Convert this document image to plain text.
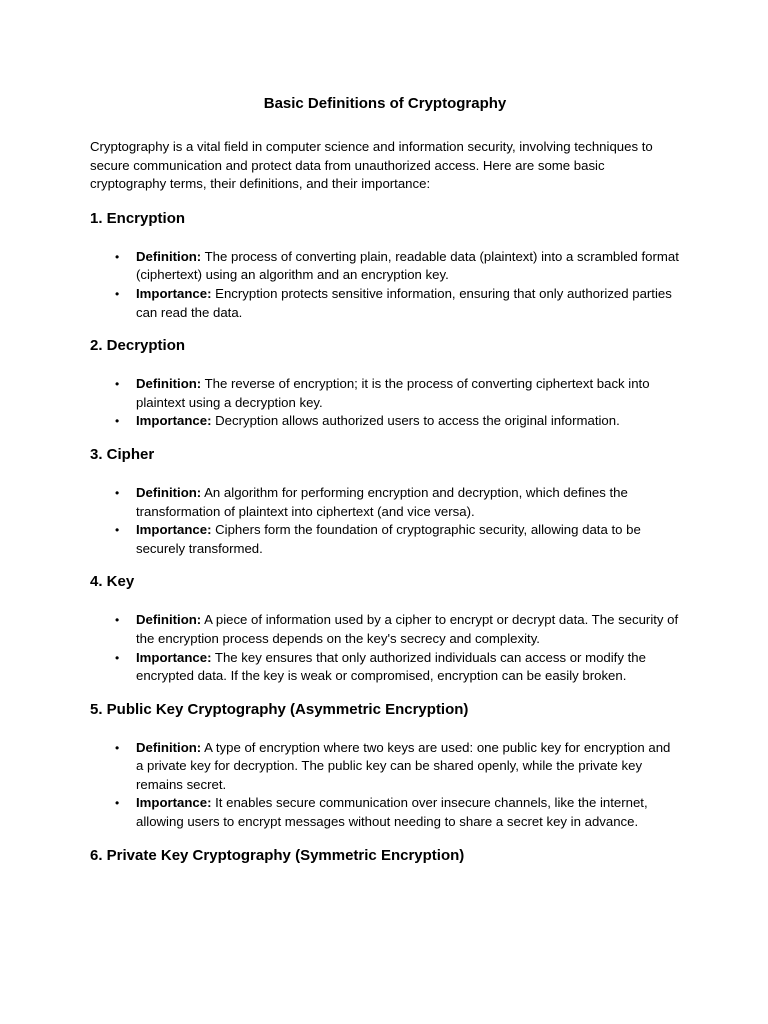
Basic Definitions of Cryptography

Cryptography is a vital field in computer science and information security, involving techniques to secure communication and protect data from unauthorized access. Here are some basic cryptography terms, their definitions, and their importance:

1. Encryption
• Definition: The process of converting plain, readable data (plaintext) into a scrambled format (ciphertext) using an algorithm and an encryption key.
• Importance: Encryption protects sensitive information, ensuring that only authorized parties can read the data.
2. Decryption
• Definition: The reverse of encryption; it is the process of converting ciphertext back into plaintext using a decryption key.
• Importance: Decryption allows authorized users to access the original information.
3. Cipher
• Definition: An algorithm for performing encryption and decryption, which defines the transformation of plaintext into ciphertext (and vice versa).
• Importance: Ciphers form the foundation of cryptographic security, allowing data to be securely transformed.
4. Key
• Definition: A piece of information used by a cipher to encrypt or decrypt data. The security of the encryption process depends on the key's secrecy and complexity.
• Importance: The key ensures that only authorized individuals can access or modify the encrypted data. If the key is weak or compromised, encryption can be easily broken.
5. Public Key Cryptography (Asymmetric Encryption)
• Definition: A type of encryption where two keys are used: one public key for encryption and a private key for decryption. The public key can be shared openly, while the private key remains secret.
• Importance: It enables secure communication over insecure channels, like the internet, allowing users to encrypt messages without needing to share a secret key in advance.
6. Private Key Cryptography (Symmetric Encryption)
